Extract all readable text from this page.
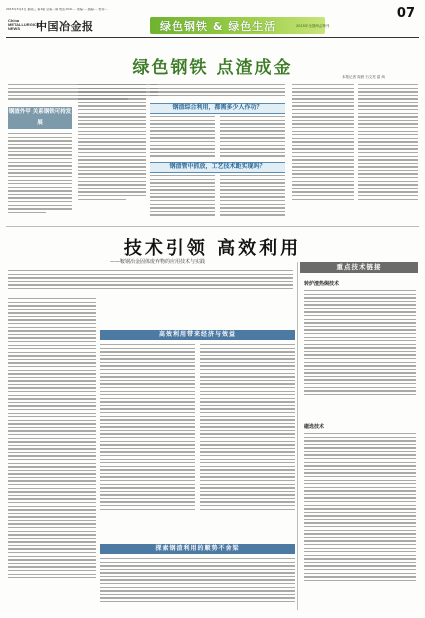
2015年3月4日 星期三 第1版 总第...期 电话:010-... 责编:... 美编:... 校对:...
China METALLURGICAL NEWS	中国冶金报	绿色钢铁 & 绿色生活	2015年全国两会特刊
07
绿色钢铁 点渣成金	本报记者 周晨 石文亮 尉 尚
钢渣外甲 关系钢铁可持发展
钢渣综合利用，都需多少人作功？
钢渣管中抓放，工艺技术距实现吗？
技术引领 高效利用
——鞍钢冶金固体废弃物的应用技术与实践
高效利用带来经济与效益
探索钢渣利用的顺势不舍梁
重点技术链接
转炉渣热焖技术
磁选技术
